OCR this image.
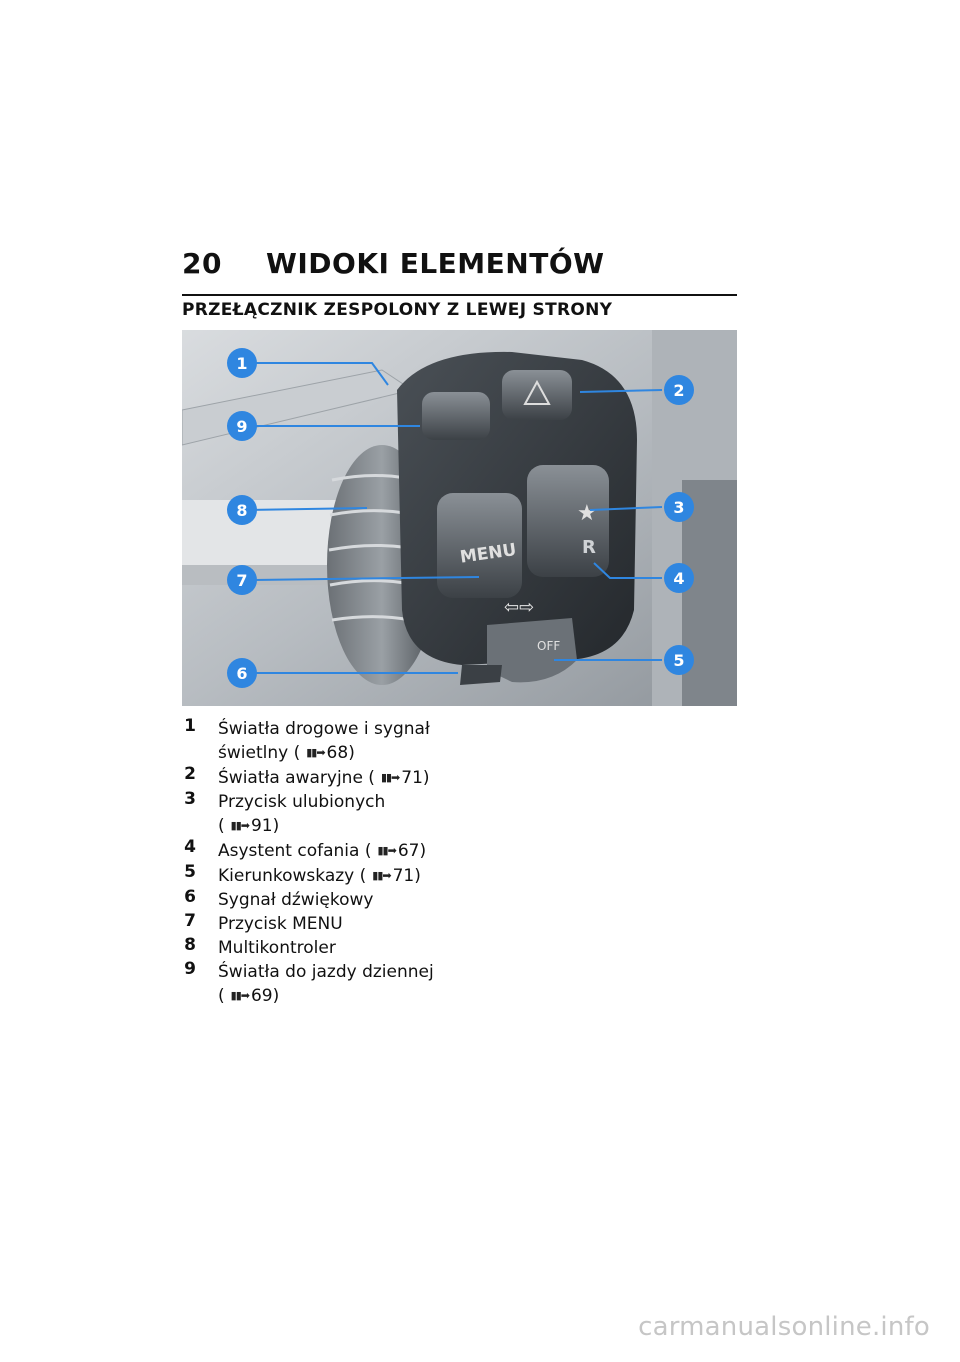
20 WIDOKI ELEMENTÓW
PRZEŁĄCZNIK ZESPOLONY Z LEWEJ STRONY
★
R
MENU
⇦⇨
OFF
1
2
3
4
5
6
7
8
9
1 Światła drogowe i sygnał
świetlny ( ▮▮➡ 68)
2 Światła awaryjne ( ▮▮➡ 71)
3 Przycisk ulubionych
( ▮▮➡ 91)
4 Asystent cofania ( ▮▮➡ 67)
5 Kierunkowskazy ( ▮▮➡ 71)
6 Sygnał dźwiękowy
7 Przycisk MENU
8 Multikontroler
9 Światła do jazdy dziennej
( ▮▮➡ 69)
carmanualsonline.info
